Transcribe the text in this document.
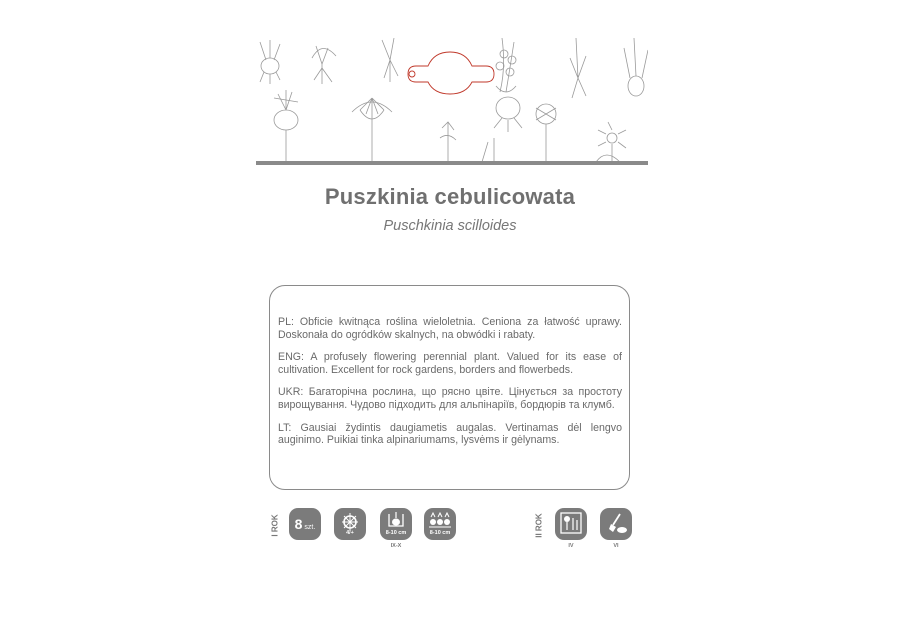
Puszkinia cebulicowata
Puschkinia scilloides

PL: Obficie kwitnąca roślina wieloletnia. Ceniona za łatwość uprawy. Doskonała do ogródków skalnych, na obwódki i rabaty.

ENG: A profusely flowering perennial plant. Valued for its ease of cultivation. Excellent for rock gardens, borders and flowerbeds.

UKR: Багаторічна рослина, що рясно цвіте. Цінується за простоту вирощування. Чудово підходить для альпінаріїв, бордюрів та клумб.

LT: Gausiai žydintis daugiametis augalas. Vertinamas dėl lengvo auginimo. Puikiai tinka alpinariumams, lysvėms ir gėlynams.

I ROK	8 szt.
4/+	8-10 cm
IX-X
8-10 cm	II ROK
IV	VI
